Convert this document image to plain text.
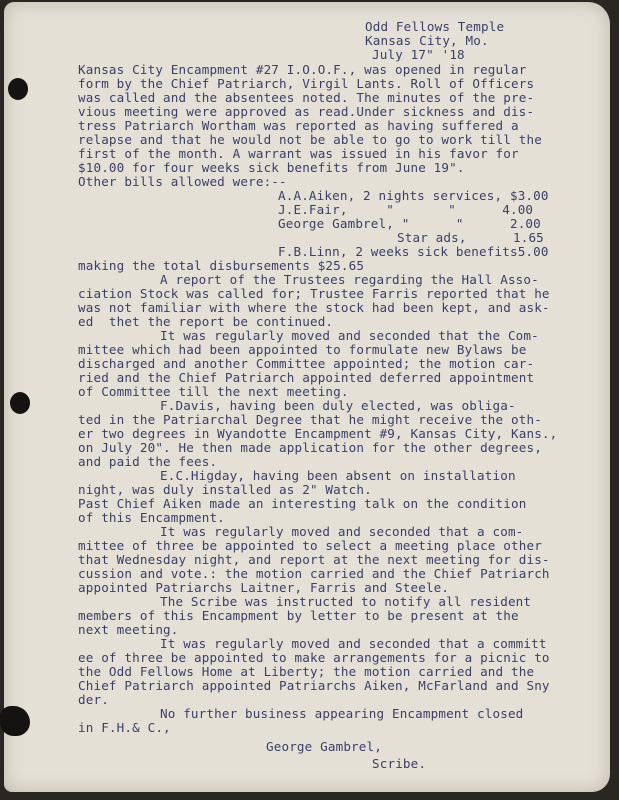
Odd Fellows Temple
Kansas City, Mo.
July 17" '18
Kansas City Encampment #27 I.O.O.F., was opened in regular
form by the Chief Patriarch, Virgil Lants. Roll of Officers
was called and the absentees noted. The minutes of the pre-
vious meeting were approved as read.Under sickness and dis-
tress Patriarch Wortham was reported as having suffered a
relapse and that he would not be able to go to work till the
first of the month. A warrant was issued in his favor for
$10.00 for four weeks sick benefits from June 19".
Other bills allowed were:--
A.A.Aiken, 2 nights services, $3.00
J.E.Fair,     "       "      4.00
George Gambrel, "      "      2.00
Star ads,      1.65
F.B.Linn, 2 weeks sick benefits5.00
making the total disbursements $25.65
A report of the Trustees regarding the Hall Asso-
ciation Stock was called for; Trustee Farris reported that he
was not familiar with where the stock had been kept, and ask-
ed  thet the report be continued.
It was regularly moved and seconded that the Com-
mittee which had been appointed to formulate new Bylaws be
discharged and another Committee appointed; the motion car-
ried and the Chief Patriarch appointed deferred appointment
of Committee till the next meeting.
F.Davis, having been duly elected, was obliga-
ted in the Patriarchal Degree that he might receive the oth-
er two degrees in Wyandotte Encampment #9, Kansas City, Kans.,
on July 20". He then made application for the other degrees,
and paid the fees.
E.C.Higday, having been absent on installation
night, was duly installed as 2" Watch.
Past Chief Aiken made an interesting talk on the condition
of this Encampment.
It was regularly moved and seconded that a com-
mittee of three be appointed to select a meeting place other
that Wednesday night, and report at the next meeting for dis-
cussion and vote.: the motion carried and the Chief Patriarch
appointed Patriarchs Laitner, Farris and Steele.
The Scribe was instructed to notify all resident
members of this Encampment by letter to be present at the
next meeting.
It was regularly moved and seconded that a committ
ee of three be appointed to make arrangements for a picnic to
the Odd Fellows Home at Liberty; the motion carried and the
Chief Patriarch appointed Patriarchs Aiken, McFarland and Sny
der.
No further business appearing Encampment closed
in F.H.& C.,
George Gambrel,
Scribe.
